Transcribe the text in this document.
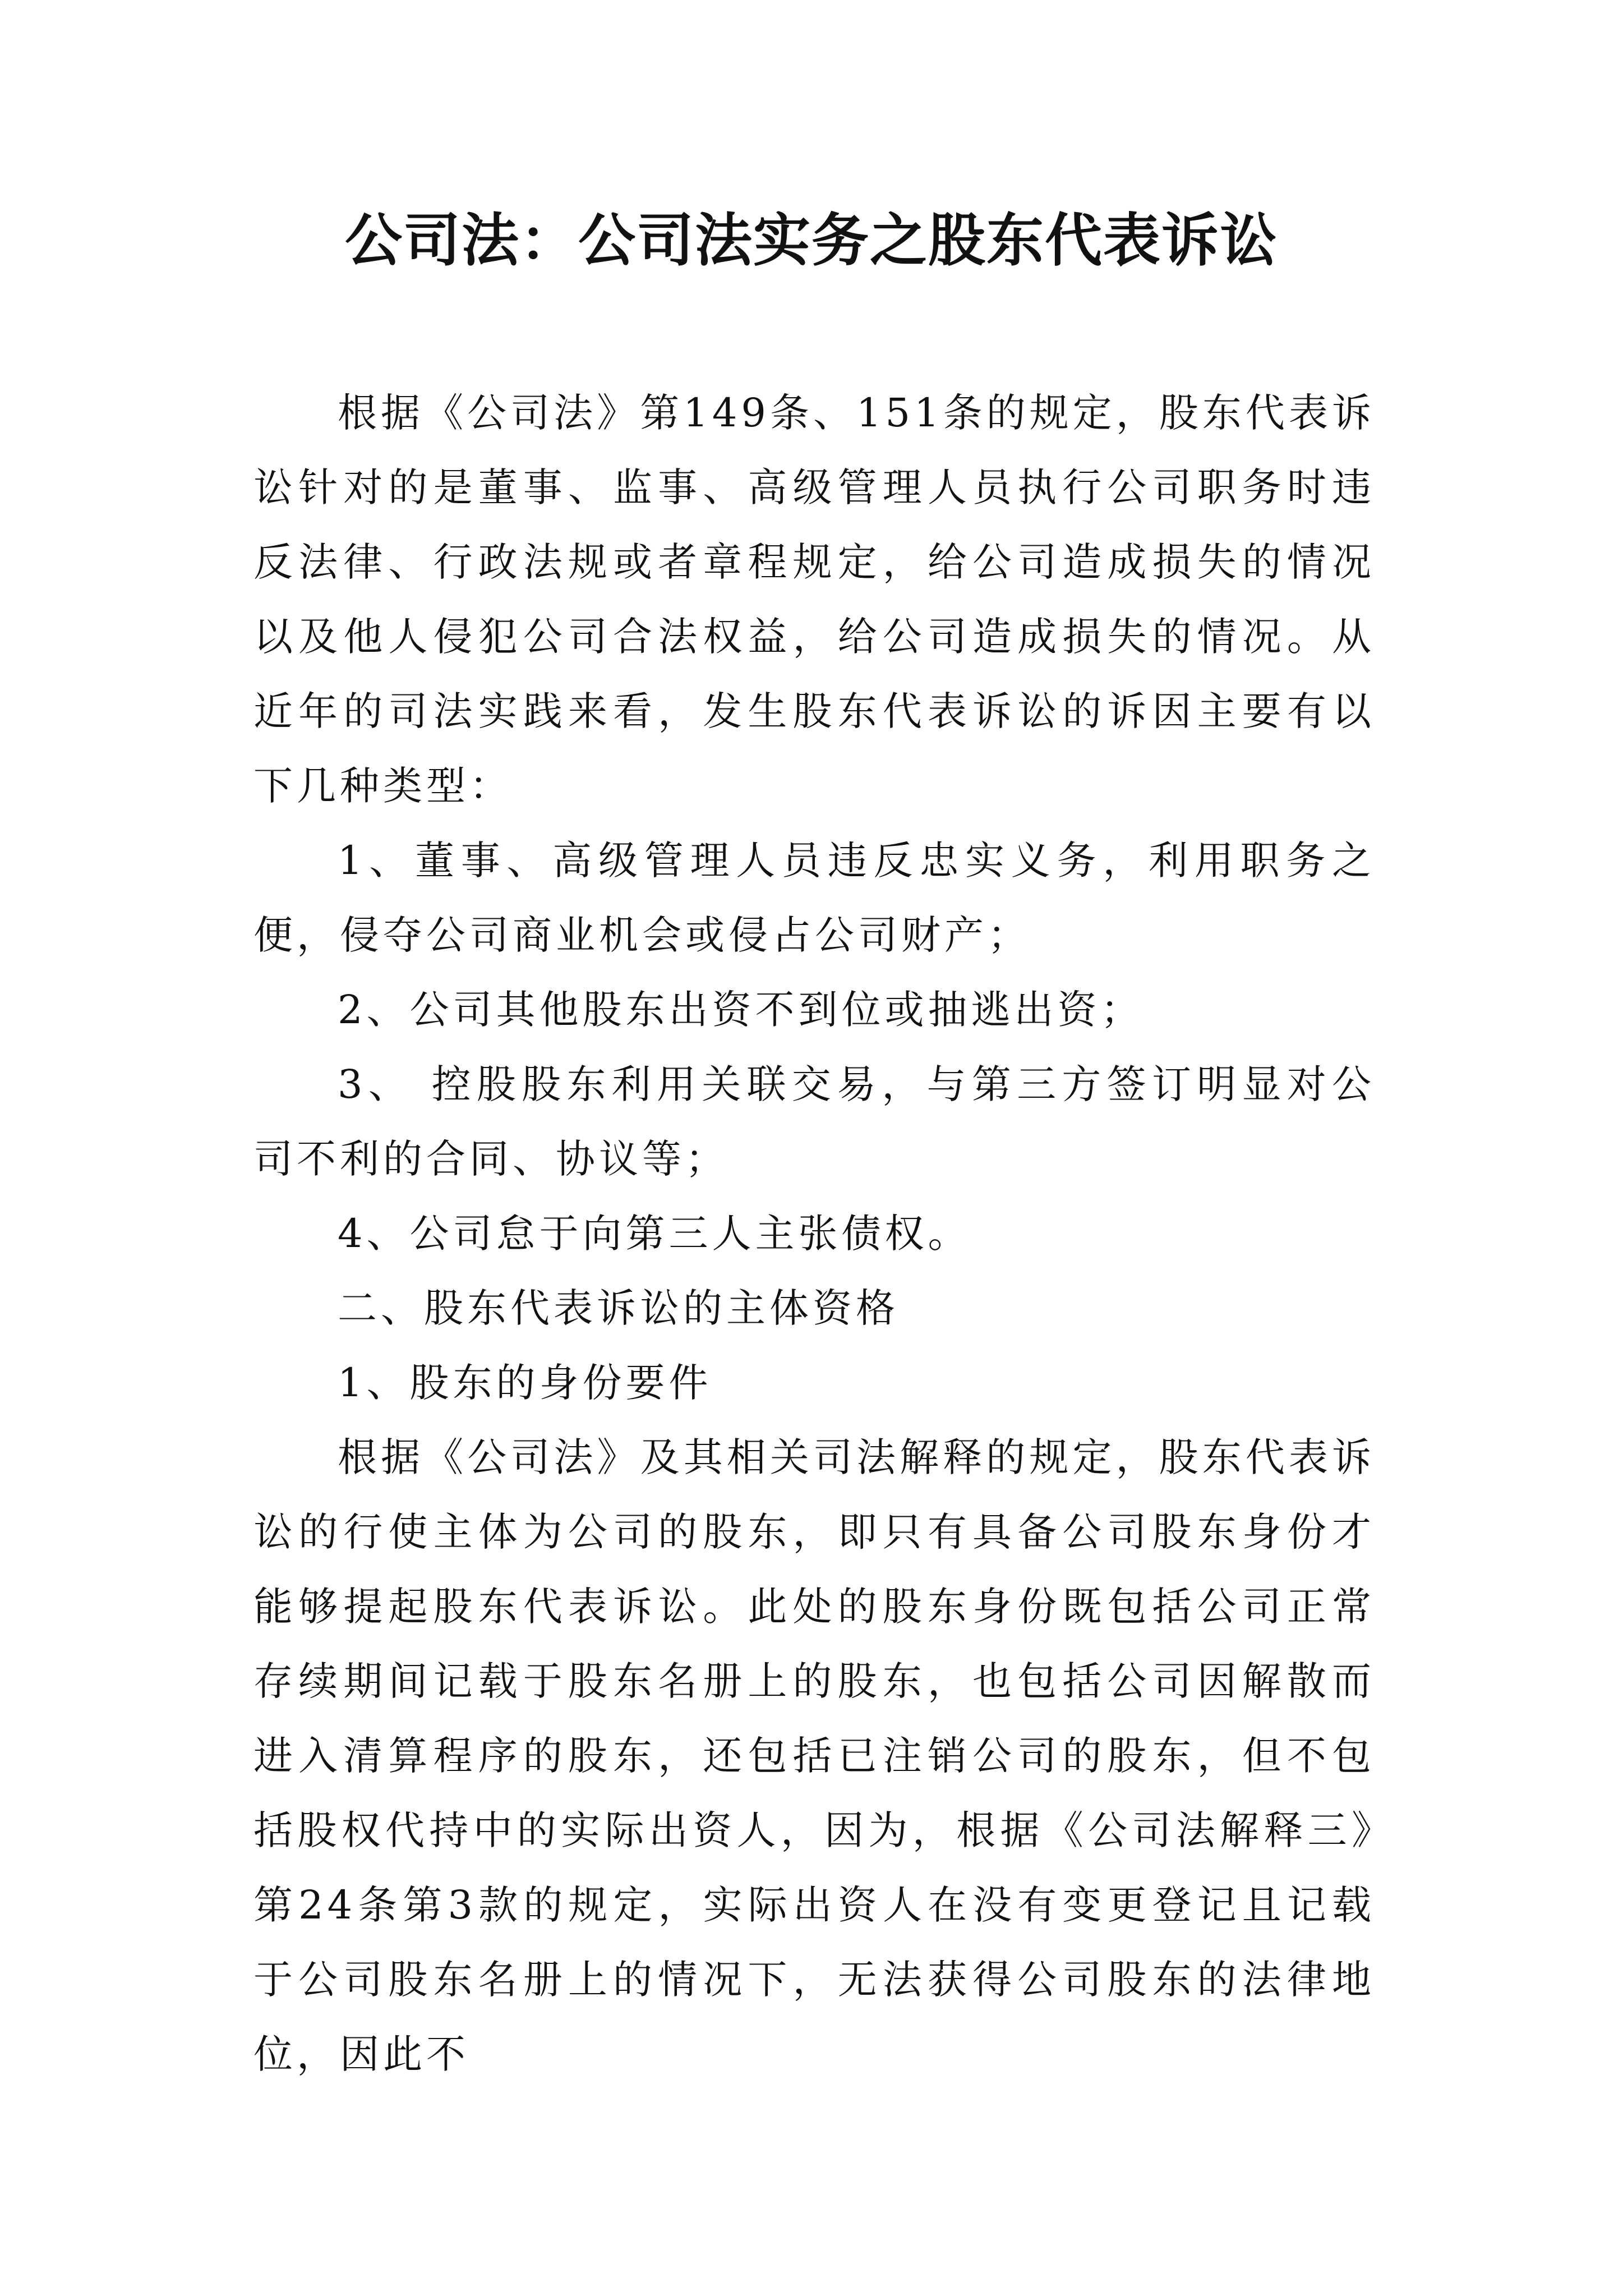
公司法：公司法实务之股东代表诉讼

根据《公司法》第149条、151条的规定，股东代表诉讼针对的是董事、监事、高级管理人员执行公司职务时违反法律、行政法规或者章程规定，给公司造成损失的情况以及他人侵犯公司合法权益，给公司造成损失的情况。从近年的司法实践来看，发生股东代表诉讼的诉因主要有以下几种类型：

1、董事、高级管理人员违反忠实义务，利用职务之便，侵夺公司商业机会或侵占公司财产；

2、公司其他股东出资不到位或抽逃出资；

3、 控股股东利用关联交易，与第三方签订明显对公司不利的合同、协议等；

4、公司怠于向第三人主张债权。

二、股东代表诉讼的主体资格

1、股东的身份要件

根据《公司法》及其相关司法解释的规定，股东代表诉讼的行使主体为公司的股东，即只有具备公司股东身份才能够提起股东代表诉讼。此处的股东身份既包括公司正常存续期间记载于股东名册上的股东，也包括公司因解散而进入清算程序的股东，还包括已注销公司的股东，但不包括股权代持中的实际出资人，因为，根据《公司法解释三》第24条第3款的规定，实际出资人在没有变更登记且记载于公司股东名册上的情况下，无法获得公司股东的法律地位，因此不
